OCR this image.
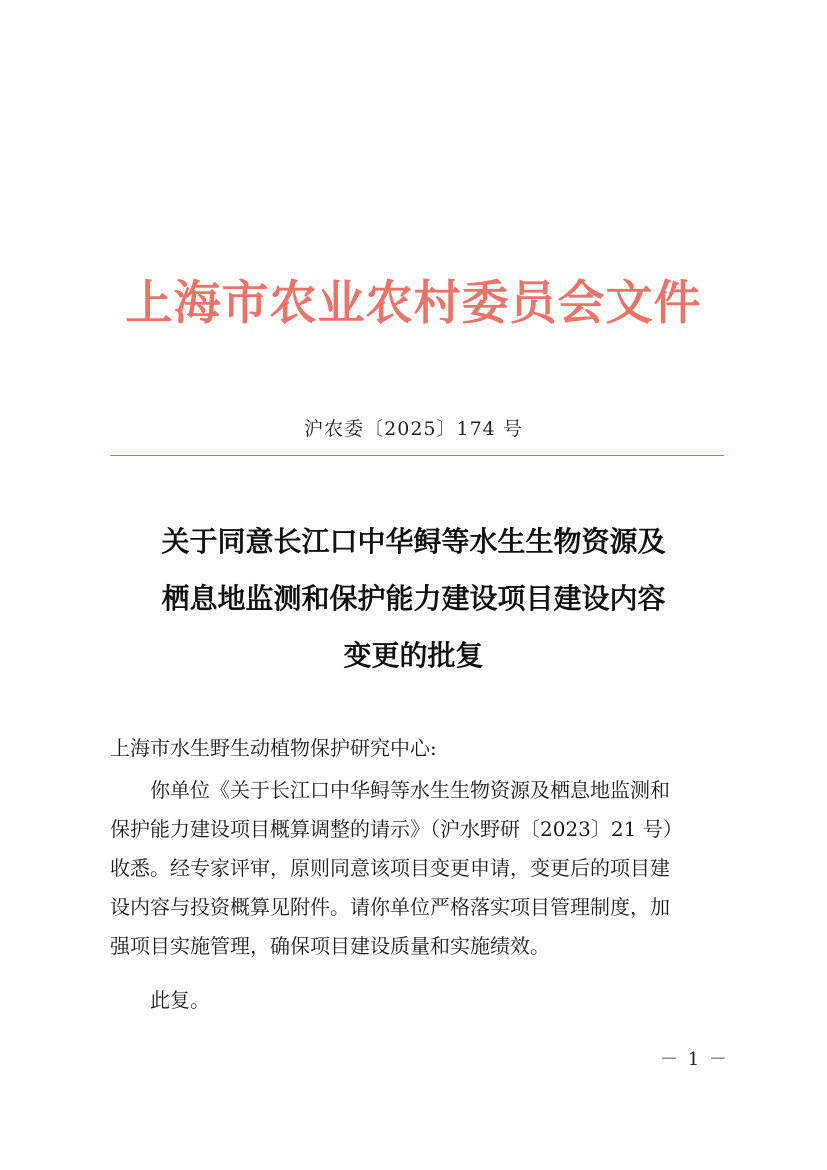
上海市农业农村委员会文件
沪农委〔2025〕174 号
关于同意长江口中华鲟等水生生物资源及
栖息地监测和保护能力建设项目建设内容
变更的批复
上海市水生野生动植物保护研究中心:
你单位《关于长江口中华鲟等水生生物资源及栖息地监测和
保护能力建设项目概算调整的请示》（沪水野研〔2023〕21 号）
收悉。经专家评审，原则同意该项目变更申请，变更后的项目建
设内容与投资概算见附件。请你单位严格落实项目管理制度，加
强项目实施管理，确保项目建设质量和实施绩效。
此复。
－ 1 －
